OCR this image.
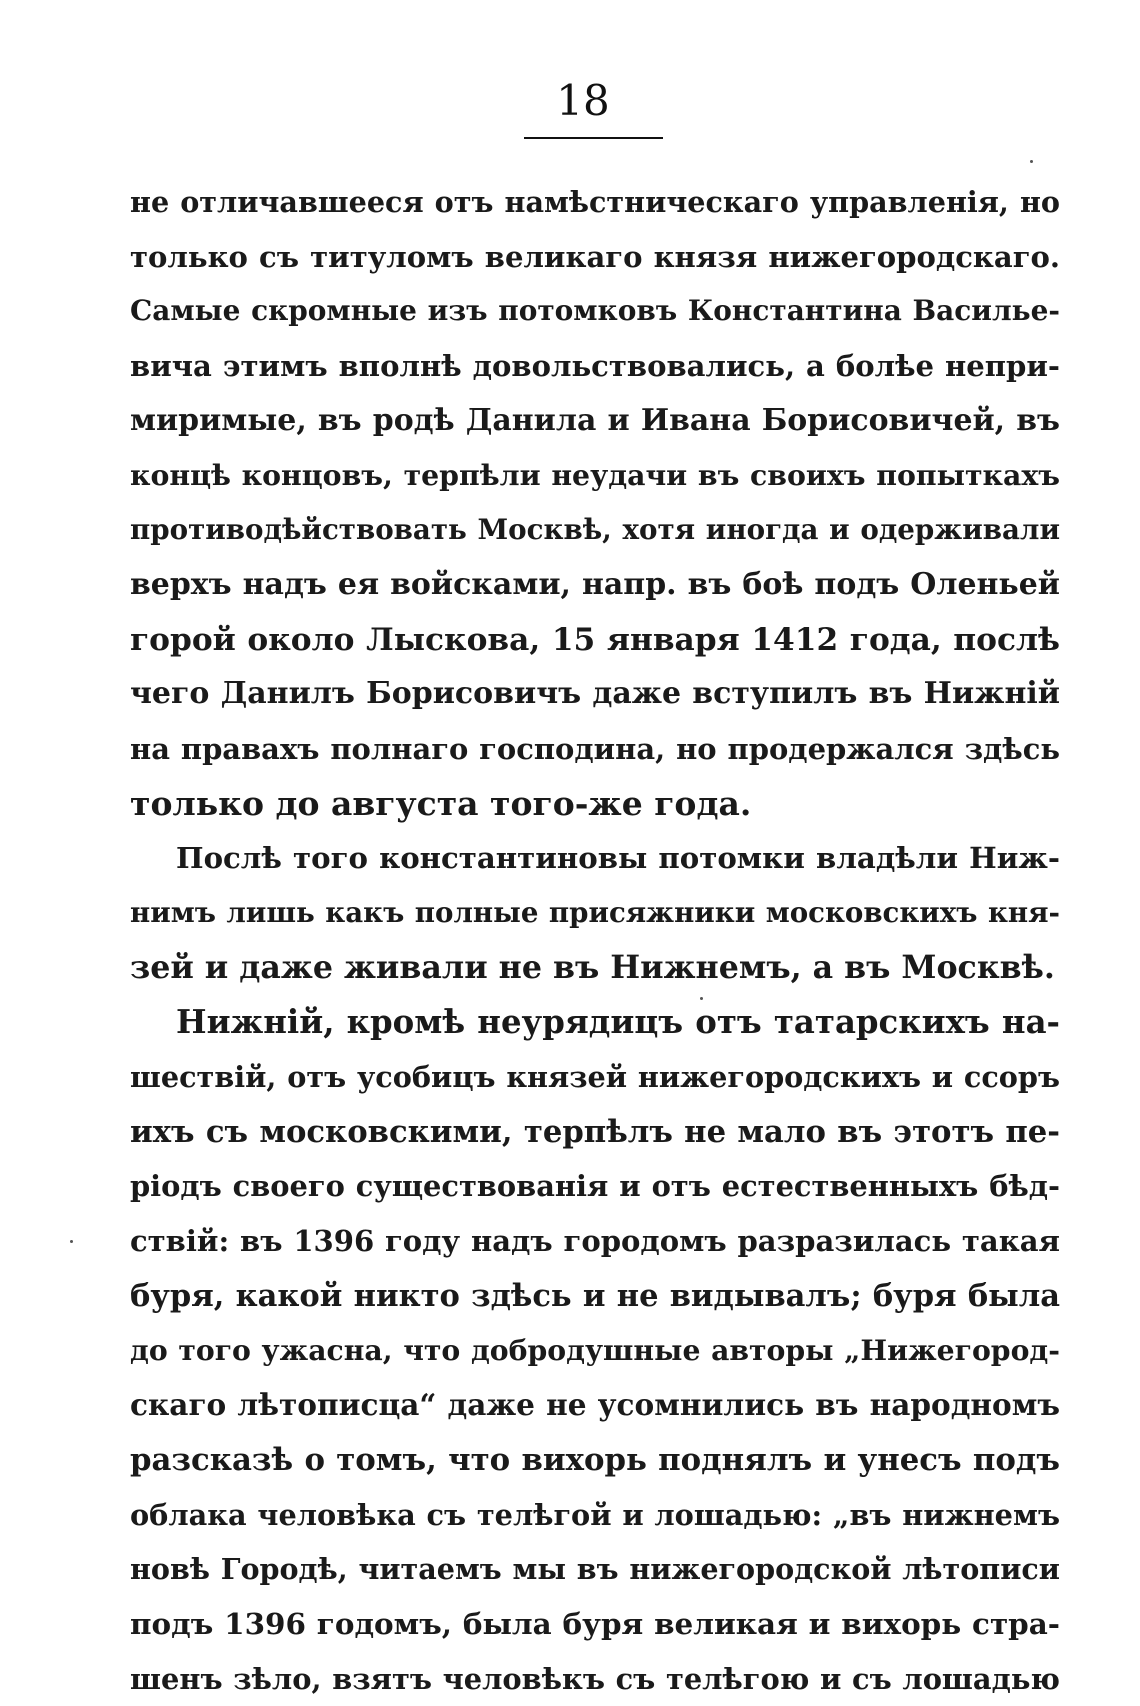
18
не отличавшееся отъ намѣстническаго управленія, но
только съ титуломъ великаго князя нижегородскаго.
Самые скромные изъ потомковъ Константина Василье-
вича этимъ вполнѣ довольствовались, а болѣе непри-
миримые, въ родѣ Данила и Ивана Борисовичей, въ
концѣ концовъ, терпѣли неудачи въ своихъ попыткахъ
противодѣйствовать Москвѣ, хотя иногда и одерживали
верхъ надъ ея войсками, напр. въ боѣ подъ Оленьей
горой около Лыскова, 15 января 1412 года, послѣ
чего Данилъ Борисовичъ даже вступилъ въ Нижній
на правахъ полнаго господина, но продержался здѣсь
только до августа того-же года.
Послѣ того константиновы потомки владѣли Ниж-
нимъ лишь какъ полные присяжники московскихъ кня-
зей и даже живали не въ Нижнемъ, а въ Москвѣ.
Нижній, кромѣ неурядицъ отъ татарскихъ на-
шествій, отъ усобицъ князей нижегородскихъ и ссоръ
ихъ съ московскими, терпѣлъ не мало въ этотъ пе-
ріодъ своего существованія и отъ естественныхъ бѣд-
ствій: въ 1396 году надъ городомъ разразилась такая
буря, какой никто здѣсь и не видывалъ; буря была
до того ужасна, что добродушные авторы „Нижегород-
скаго лѣтописца“ даже не усомнились въ народномъ
разсказѣ о томъ, что вихорь поднялъ и унесъ подъ
облака человѣка съ телѣгой и лошадью: „въ нижнемъ
новѣ Городѣ, читаемъ мы въ нижегородской лѣтописи
подъ 1396 годомъ, была буря великая и вихорь стра-
шенъ зѣло, взятъ человѣкъ съ телѣгою и съ лошадью
